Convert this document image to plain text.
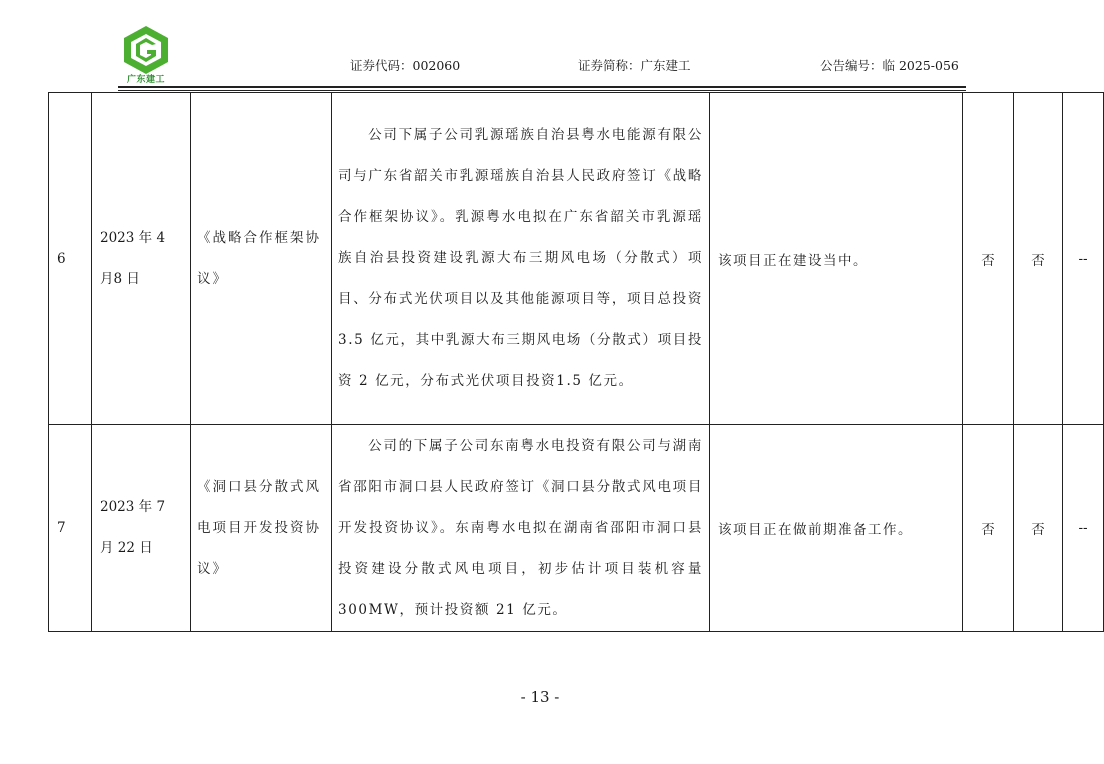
广东建工
证券代码：002060	证券简称：广东建工	公告编号：临 2025-056
6	2023 年 4 月8 日	《战略合作框架协议》	公司下属子公司乳源瑶族自治县粤水电能源有限公司与广东省韶关市乳源瑶族自治县人民政府签订《战略合作框架协议》。乳源粤水电拟在广东省韶关市乳源瑶族自治县投资建设乳源大布三期风电场（分散式）项目、分布式光伏项目以及其他能源项目等，项目总投资 3.5 亿元，其中乳源大布三期风电场（分散式）项目投资 2 亿元，分布式光伏项目投资1.5 亿元。	该项目正在建设当中。	否	否	--
7	2023 年 7 月 22 日	《洞口县分散式风电项目开发投资协议》	公司的下属子公司东南粤水电投资有限公司与湖南省邵阳市洞口县人民政府签订《洞口县分散式风电项目开发投资协议》。东南粤水电拟在湖南省邵阳市洞口县投资建设分散式风电项目，初步估计项目装机容量 300MW，预计投资额 21 亿元。	该项目正在做前期准备工作。	否	否	--
- 13 -
